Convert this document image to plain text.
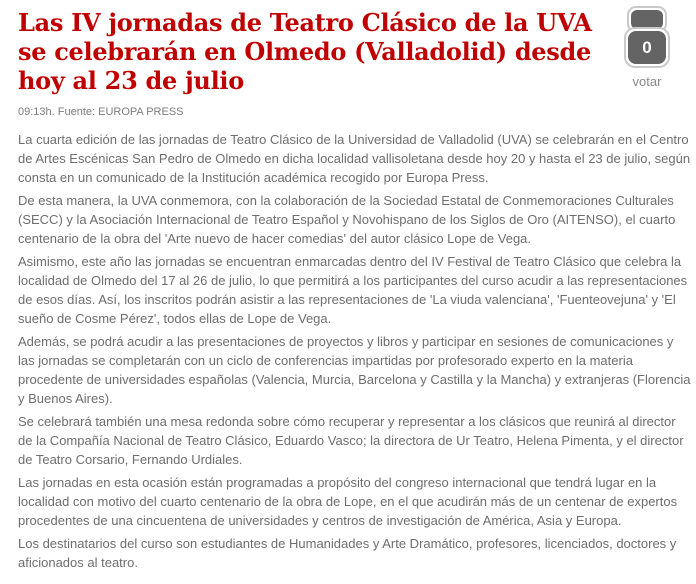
Las IV jornadas de Teatro Clásico de la UVA se celebrarán en Olmedo (Valladolid) desde hoy al 23 de julio
0
votar
09:13h. Fuente: EUROPA PRESS

La cuarta edición de las jornadas de Teatro Clásico de la Universidad de Valladolid (UVA) se celebrarán en el Centro de Artes Escénicas San Pedro de Olmedo en dicha localidad vallisoletana desde hoy 20 y hasta el 23 de julio, según consta en un comunicado de la Institución académica recogido por Europa Press.

De esta manera, la UVA conmemora, con la colaboración de la Sociedad Estatal de Conmemoraciones Culturales (SECC) y la Asociación Internacional de Teatro Español y Novohispano de los Siglos de Oro (AITENSO), el cuarto centenario de la obra del 'Arte nuevo de hacer comedias' del autor clásico Lope de Vega.

Asimismo, este año las jornadas se encuentran enmarcadas dentro del IV Festival de Teatro Clásico que celebra la localidad de Olmedo del 17 al 26 de julio, lo que permitirá a los participantes del curso acudir a las representaciones de esos días. Así, los inscritos podrán asistir a las representaciones de 'La viuda valenciana', 'Fuenteovejuna' y 'El sueño de Cosme Pérez', todos ellas de Lope de Vega.

Además, se podrá acudir a las presentaciones de proyectos y libros y participar en sesiones de comunicaciones y las jornadas se completarán con un ciclo de conferencias impartidas por profesorado experto en la materia procedente de universidades españolas (Valencia, Murcia, Barcelona y Castilla y la Mancha) y extranjeras (Florencia y Buenos Aires).

Se celebrará también una mesa redonda sobre cómo recuperar y representar a los clásicos que reunirá al director de la Compañía Nacional de Teatro Clásico, Eduardo Vasco; la directora de Ur Teatro, Helena Pimenta, y el director de Teatro Corsario, Fernando Urdiales.

Las jornadas en esta ocasión están programadas a propósito del congreso internacional que tendrá lugar en la localidad con motivo del cuarto centenario de la obra de Lope, en el que acudirán más de un centenar de expertos procedentes de una cincuentena de universidades y centros de investigación de América, Asia y Europa.

Los destinatarios del curso son estudiantes de Humanidades y Arte Dramático, profesores, licenciados, doctores y aficionados al teatro.
